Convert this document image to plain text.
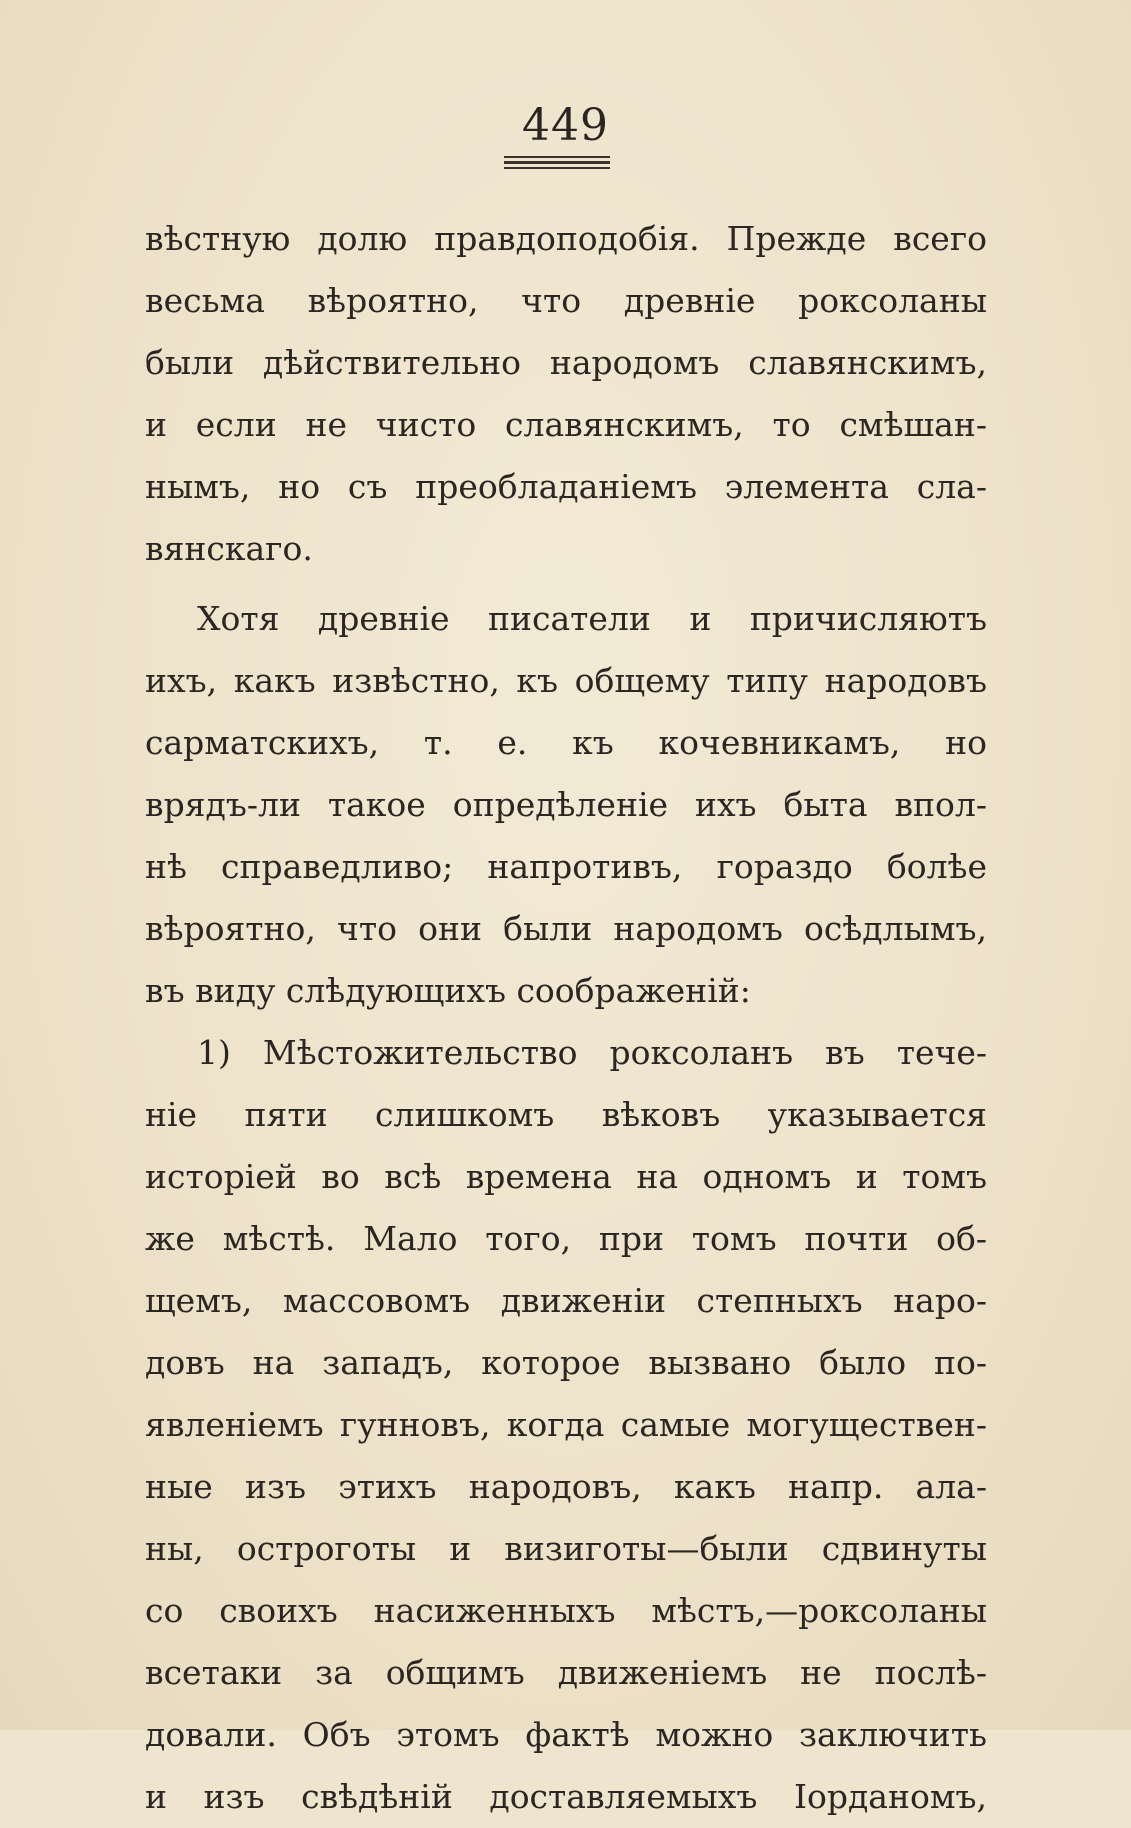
449
вѣстную долю правдоподобія. Прежде всего
весьма вѣроятно, что древніе роксоланы
были дѣйствительно народомъ славянскимъ,
и если не чисто славянскимъ, то смѣшан-
нымъ, но съ преобладаніемъ элемента сла-
вянскаго.
Хотя древніе писатели и причисляютъ
ихъ, какъ извѣстно, къ общему типу народовъ
сарматскихъ, т. е. къ кочевникамъ, но
врядъ-ли такое опредѣленіе ихъ быта впол-
нѣ справедливо; напротивъ, гораздо болѣе
вѣроятно, что они были народомъ осѣдлымъ,
въ виду слѣдующихъ соображеній:
1) Мѣстожительство роксоланъ въ тече-
ніе пяти слишкомъ вѣковъ указывается
исторіей во всѣ времена на одномъ и томъ
же мѣстѣ. Мало того, при томъ почти об-
щемъ, массовомъ движеніи степныхъ наро-
довъ на западъ, которое вызвано было по-
явленіемъ гунновъ, когда самые могуществен-
ные изъ этихъ народовъ, какъ напр. ала-
ны, остроготы и визиготы—были сдвинуты
со своихъ насиженныхъ мѣстъ,—роксоланы
всетаки за общимъ движеніемъ не послѣ-
довали. Объ этомъ фактѣ можно заключить
и изъ свѣдѣній доставляемыхъ Іорданомъ,
